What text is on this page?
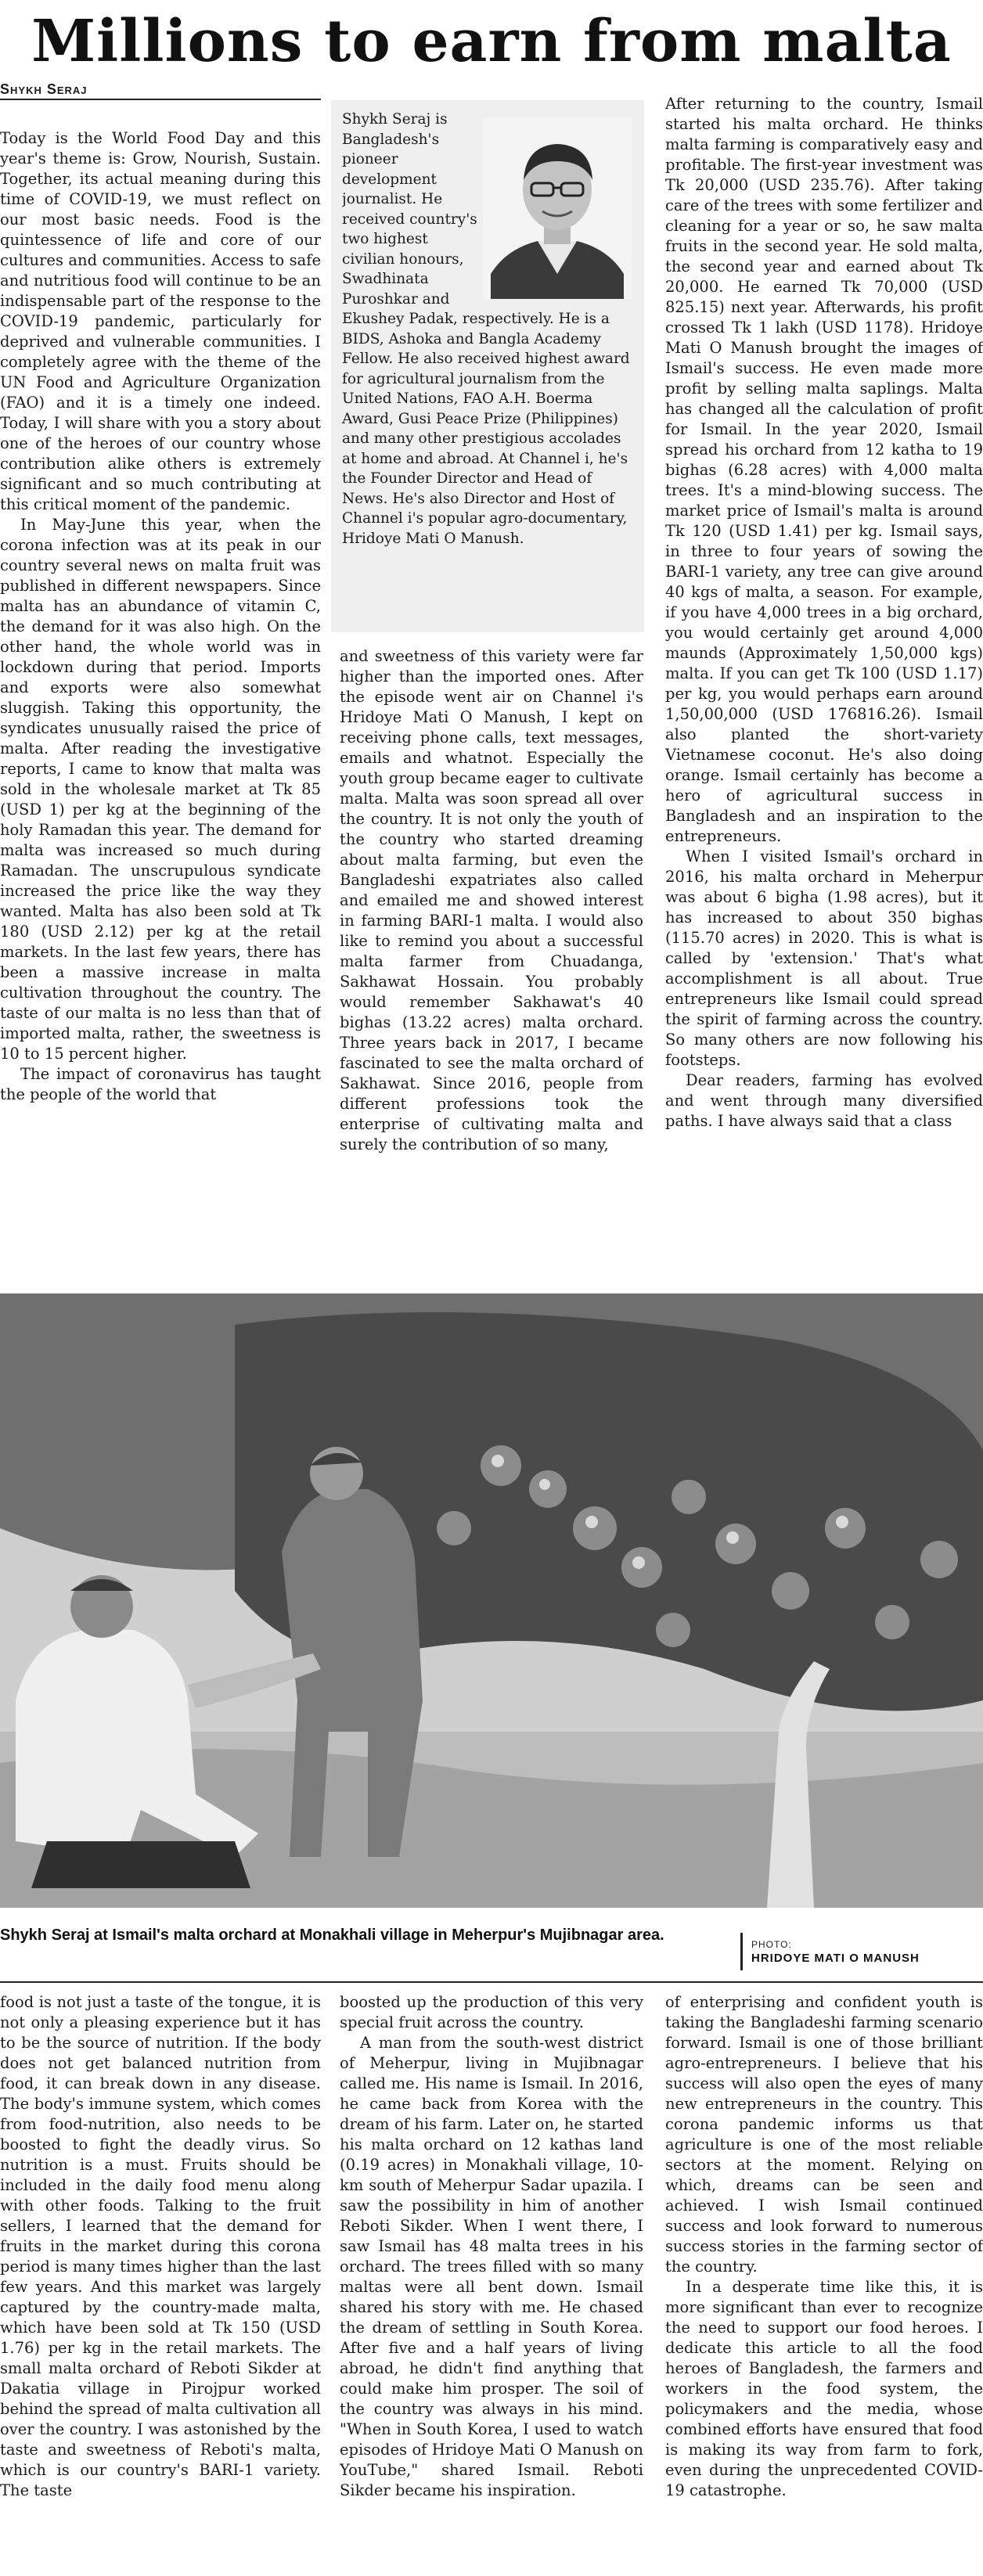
Millions to earn from malta
Shykh Seraj

Today is the World Food Day and this year's theme is: Grow, Nourish, Sustain. Together, its actual meaning during this time of COVID-19, we must reflect on our most basic needs. Food is the quintessence of life and core of our cultures and communities. Access to safe and nutritious food will continue to be an indispensable part of the response to the COVID-19 pandemic, particularly for deprived and vulnerable communities. I completely agree with the theme of the UN Food and Agriculture Organization (FAO) and it is a timely one indeed. Today, I will share with you a story about one of the heroes of our country whose contribution alike others is extremely significant and so much contributing at this critical moment of the pandemic.

In May-June this year, when the corona infection was at its peak in our country several news on malta fruit was published in different newspapers. Since malta has an abundance of vitamin C, the demand for it was also high. On the other hand, the whole world was in lockdown during that period. Imports and exports were also somewhat sluggish. Taking this opportunity, the syndicates unusually raised the price of malta. After reading the investigative reports, I came to know that malta was sold in the wholesale market at Tk 85 (USD 1) per kg at the beginning of the holy Ramadan this year. The demand for malta was increased so much during Ramadan. The unscrupulous syndicate increased the price like the way they wanted. Malta has also been sold at Tk 180 (USD 2.12) per kg at the retail markets. In the last few years, there has been a massive increase in malta cultivation throughout the country. The taste of our malta is no less than that of imported malta, rather, the sweetness is 10 to 15 percent higher.

The impact of coronavirus has taught the people of the world that

Shykh Seraj is Bangladesh's pioneer development journalist. He received country's two highest civilian honours, Swadhinata Puroshkar and Ekushey Padak, respectively. He is a BIDS, Ashoka and Bangla Academy Fellow. He also received highest award for agricultural journalism from the United Nations, FAO A.H. Boerma Award, Gusi Peace Prize (Philippines) and many other prestigious accolades at home and abroad. At Channel i, he's the Founder Director and Head of News. He's also Director and Host of Channel i's popular agro-documentary, Hridoye Mati O Manush.

and sweetness of this variety were far higher than the imported ones. After the episode went air on Channel i's Hridoye Mati O Manush, I kept on receiving phone calls, text messages, emails and whatnot. Especially the youth group became eager to cultivate malta. Malta was soon spread all over the country. It is not only the youth of the country who started dreaming about malta farming, but even the Bangladeshi expatriates also called and emailed me and showed interest in farming BARI-1 malta. I would also like to remind you about a successful malta farmer from Chuadanga, Sakhawat Hossain. You probably would remember Sakhawat's 40 bighas (13.22 acres) malta orchard. Three years back in 2017, I became fascinated to see the malta orchard of Sakhawat. Since 2016, people from different professions took the enterprise of cultivating malta and surely the contribution of so many,

After returning to the country, Ismail started his malta orchard. He thinks malta farming is comparatively easy and profitable. The first-year investment was Tk 20,000 (USD 235.76). After taking care of the trees with some fertilizer and cleaning for a year or so, he saw malta fruits in the second year. He sold malta, the second year and earned about Tk 20,000. He earned Tk 70,000 (USD 825.15) next year. Afterwards, his profit crossed Tk 1 lakh (USD 1178). Hridoye Mati O Manush brought the images of Ismail's success. He even made more profit by selling malta saplings. Malta has changed all the calculation of profit for Ismail. In the year 2020, Ismail spread his orchard from 12 katha to 19 bighas (6.28 acres) with 4,000 malta trees. It's a mind-blowing success. The market price of Ismail's malta is around Tk 120 (USD 1.41) per kg. Ismail says, in three to four years of sowing the BARI-1 variety, any tree can give around 40 kgs of malta, a season. For example, if you have 4,000 trees in a big orchard, you would certainly get around 4,000 maunds (Approximately 1,50,000 kgs) malta. If you can get Tk 100 (USD 1.17) per kg, you would perhaps earn around 1,50,00,000 (USD 176816.26). Ismail also planted the short-variety Vietnamese coconut. He's also doing orange. Ismail certainly has become a hero of agricultural success in Bangladesh and an inspiration to the entrepreneurs.

When I visited Ismail's orchard in 2016, his malta orchard in Meherpur was about 6 bigha (1.98 acres), but it has increased to about 350 bighas (115.70 acres) in 2020. This is what is called by 'extension.' That's what accomplishment is all about. True entrepreneurs like Ismail could spread the spirit of farming across the country. So many others are now following his footsteps.

Dear readers, farming has evolved and went through many diversified paths. I have always said that a class

Shykh Seraj at Ismail's malta orchard at Monakhali village in Meherpur's Mujibnagar area.
PHOTO:
HRIDOYE MATI O MANUSH

food is not just a taste of the tongue, it is not only a pleasing experience but it has to be the source of nutrition. If the body does not get balanced nutrition from food, it can break down in any disease. The body's immune system, which comes from food-nutrition, also needs to be boosted to fight the deadly virus. So nutrition is a must. Fruits should be included in the daily food menu along with other foods. Talking to the fruit sellers, I learned that the demand for fruits in the market during this corona period is many times higher than the last few years. And this market was largely captured by the country-made malta, which have been sold at Tk 150 (USD 1.76) per kg in the retail markets. The small malta orchard of Reboti Sikder at Dakatia village in Pirojpur worked behind the spread of malta cultivation all over the country. I was astonished by the taste and sweetness of Reboti's malta, which is our country's BARI-1 variety. The taste

boosted up the production of this very special fruit across the country.

A man from the south-west district of Meherpur, living in Mujibnagar called me. His name is Ismail. In 2016, he came back from Korea with the dream of his farm. Later on, he started his malta orchard on 12 kathas land (0.19 acres) in Monakhali village, 10-km south of Meherpur Sadar upazila. I saw the possibility in him of another Reboti Sikder. When I went there, I saw Ismail has 48 malta trees in his orchard. The trees filled with so many maltas were all bent down. Ismail shared his story with me. He chased the dream of settling in South Korea. After five and a half years of living abroad, he didn't find anything that could make him prosper. The soil of the country was always in his mind. "When in South Korea, I used to watch episodes of Hridoye Mati O Manush on YouTube," shared Ismail. Reboti Sikder became his inspiration.

of enterprising and confident youth is taking the Bangladeshi farming scenario forward. Ismail is one of those brilliant agro-entrepreneurs. I believe that his success will also open the eyes of many new entrepreneurs in the country. This corona pandemic informs us that agriculture is one of the most reliable sectors at the moment. Relying on which, dreams can be seen and achieved. I wish Ismail continued success and look forward to numerous success stories in the farming sector of the country.

In a desperate time like this, it is more significant than ever to recognize the need to support our food heroes. I dedicate this article to all the food heroes of Bangladesh, the farmers and workers in the food system, the policymakers and the media, whose combined efforts have ensured that food is making its way from farm to fork, even during the unprecedented COVID-19 catastrophe.
